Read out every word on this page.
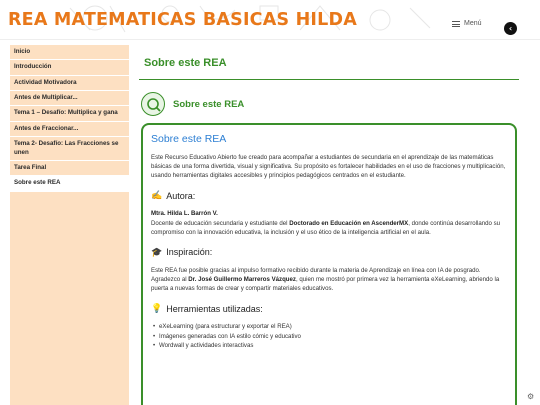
REA MATEMATICAS BASICAS HILDA	Menú
‹
Inicio
Introducción
Actividad Motivadora
Antes de Multiplicar...
Tema 1 – Desafío: Multiplica y gana
Antes de Fraccionar...
Tema 2- Desafío: Las Fracciones se unen
Tarea Final
Sobre este REA
Sobre este REA
Sobre este REA
Sobre este REA

Este Recurso Educativo Abierto fue creado para acompañar a estudiantes de secundaria en el aprendizaje de las matemáticas básicas de una forma divertida, visual y significativa. Su propósito es fortalecer habilidades en el uso de fracciones y multiplicación, usando herramientas digitales accesibles y principios pedagógicos centrados en el estudiante.

✍ Autora:

Mtra. Hilda L. Barrón V.

Docente de educación secundaria y estudiante del Doctorado en Educación en AscenderMX, donde continúa desarrollando su compromiso con la innovación educativa, la inclusión y el uso ético de la inteligencia artificial en el aula.

🎓 Inspiración:

Este REA fue posible gracias al impulso formativo recibido durante la materia de Aprendizaje en línea con IA de posgrado. Agradezco al Dr. José Guillermo Marreros Vázquez, quien me mostró por primera vez la herramienta eXeLearning, abriendo la puerta a nuevas formas de crear y compartir materiales educativos.

💡 Herramientas utilizadas:
• eXeLearning (para estructurar y exportar el REA)
• Imágenes generadas con IA estilo cómic y educativo
• Wordwall y actividades interactivas
⚙
